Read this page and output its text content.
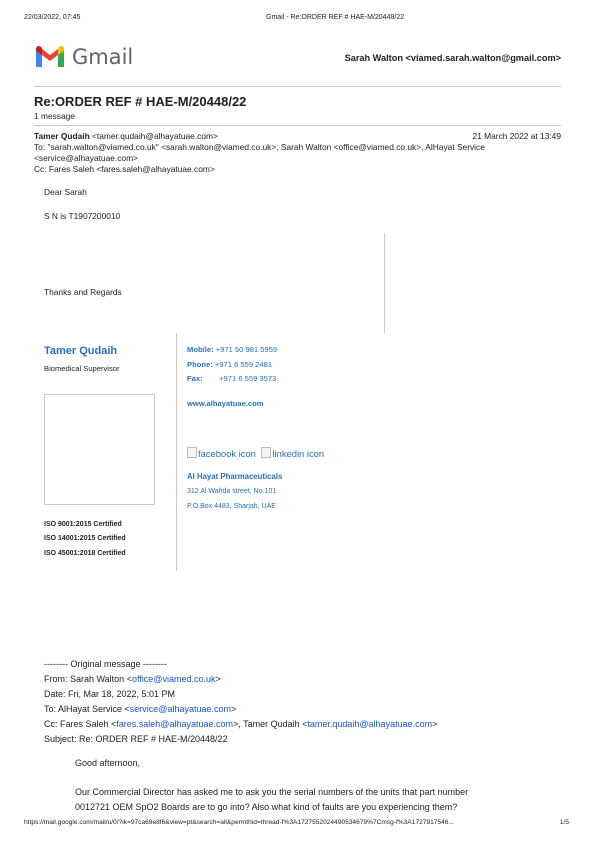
22/03/2022, 07:45	Gmail - Re:ORDER REF # HAE-M/20448/22
Gmail	Sarah Walton <viamed.sarah.walton@gmail.com>
Re:ORDER REF # HAE-M/20448/22
1 message
Tamer Qudaih <tamer.qudaih@alhayatuae.com>	21 March 2022 at 13:49
To: "sarah.walton@viamed.co.uk" <sarah.walton@viamed.co.uk>, Sarah Walton <office@viamed.co.uk>, AlHayat Service
<service@alhayatuae.com>
Cc: Fares Saleh <fares.saleh@alhayatuae.com>
Dear Sarah
S N is T1907200010
Thanks and Regards
Tamer Qudaih
Biomedical Supervisor
ISO 9001:2015 Certified
ISO 14001:2015 Certified
ISO 45001:2018 Certified
Mobile: +971 50 981 5959
Phone: +971 6 559 2481
Fax: +971 6 559 3573
www.alhayatuae.com
facebook icon linkedin icon
Al Hayat Pharmaceuticals
312 Al Wahda street, No.101
P.O.Box 4483, Sharjah, UAE
-------- Original message --------
From: Sarah Walton <office@viamed.co.uk>
Date: Fri, Mar 18, 2022, 5:01 PM
To: AlHayat Service <service@alhayatuae.com>
Cc: Fares Saleh <fares.saleh@alhayatuae.com>, Tamer Qudaih <tamer.qudaih@alhayatuae.com>
Subject: Re: ORDER REF # HAE-M/20448/22
Good afternoon,
Our Commercial Director has asked me to ask you the serial numbers of the units that part number
0012721 OEM SpO2 Boards are to go into? Also what kind of faults are you experiencing them?
https://mail.google.com/mail/u/0/?ik=97ca69e8f6&view=pt&search=all&permthid=thread-f%3A1727552024490534679%7Cmsg-f%3A1727917546...	1/5
